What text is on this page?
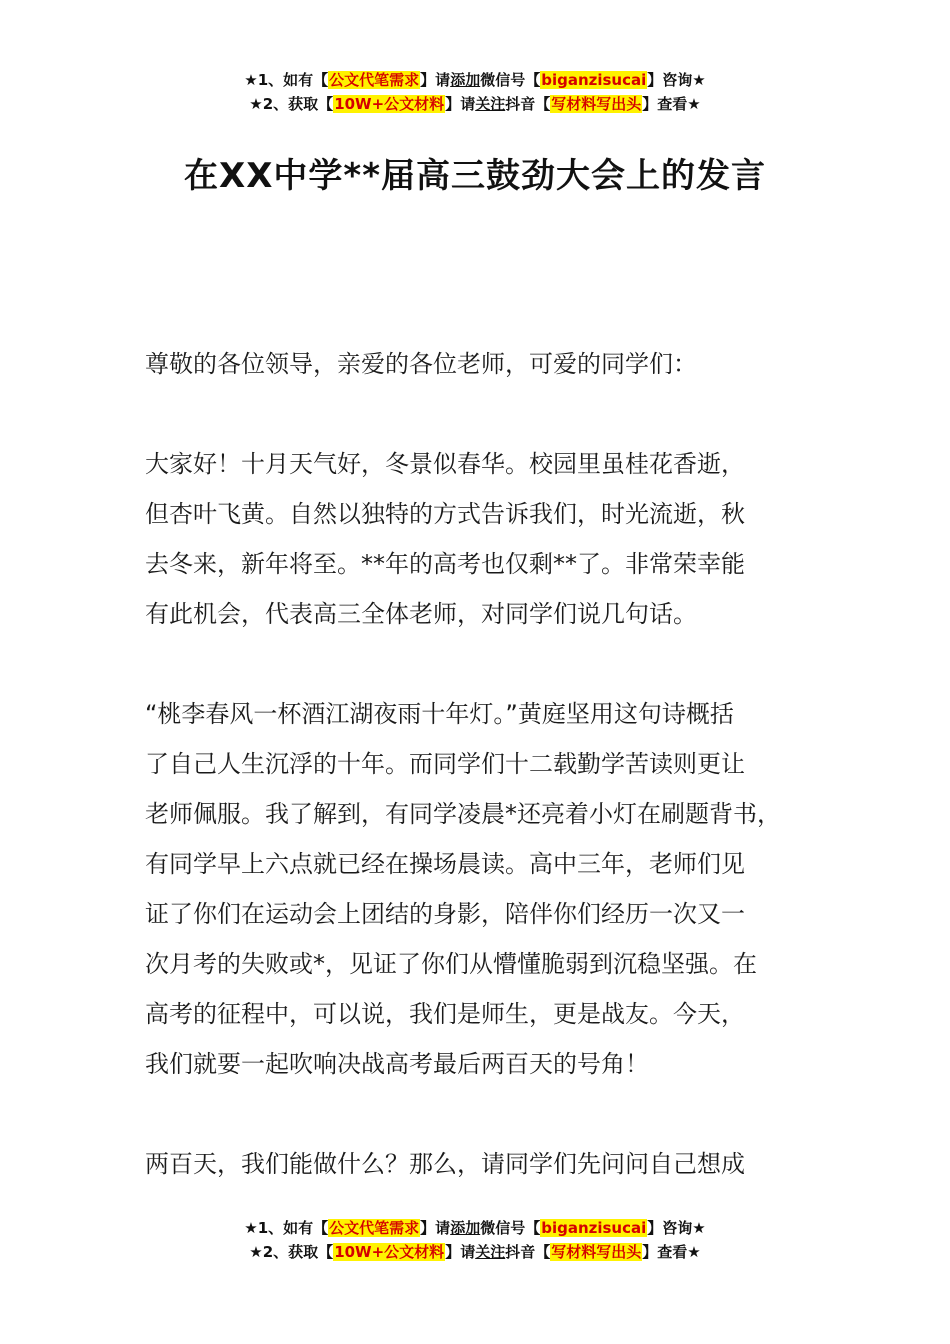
★1、如有【公文代笔需求】请添加微信号【biganzisucai】咨询★
★2、获取【10W+公文材料】请关注抖音【写材料写出头】查看★
在XX中学**届高三鼓劲大会上的发言

尊敬的各位领导，亲爱的各位老师，可爱的同学们：

大家好！十月天气好，冬景似春华。校园里虽桂花香逝，
但杏叶飞黄。自然以独特的方式告诉我们，时光流逝，秋
去冬来，新年将至。**年的高考也仅剩**了。非常荣幸能
有此机会，代表高三全体老师，对同学们说几句话。

“桃李春风一杯酒江湖夜雨十年灯。”黄庭坚用这句诗概括
了自己人生沉浮的十年。而同学们十二载勤学苦读则更让
老师佩服。我了解到，有同学凌晨*还亮着小灯在刷题背书，
有同学早上六点就已经在操场晨读。高中三年，老师们见
证了你们在运动会上团结的身影，陪伴你们经历一次又一
次月考的失败或*，见证了你们从懵懂脆弱到沉稳坚强。在
高考的征程中，可以说，我们是师生，更是战友。今天，
我们就要一起吹响决战高考最后两百天的号角！

两百天，我们能做什么？那么，请同学们先问问自己想成

★1、如有【公文代笔需求】请添加微信号【biganzisucai】咨询★
★2、获取【10W+公文材料】请关注抖音【写材料写出头】查看★
